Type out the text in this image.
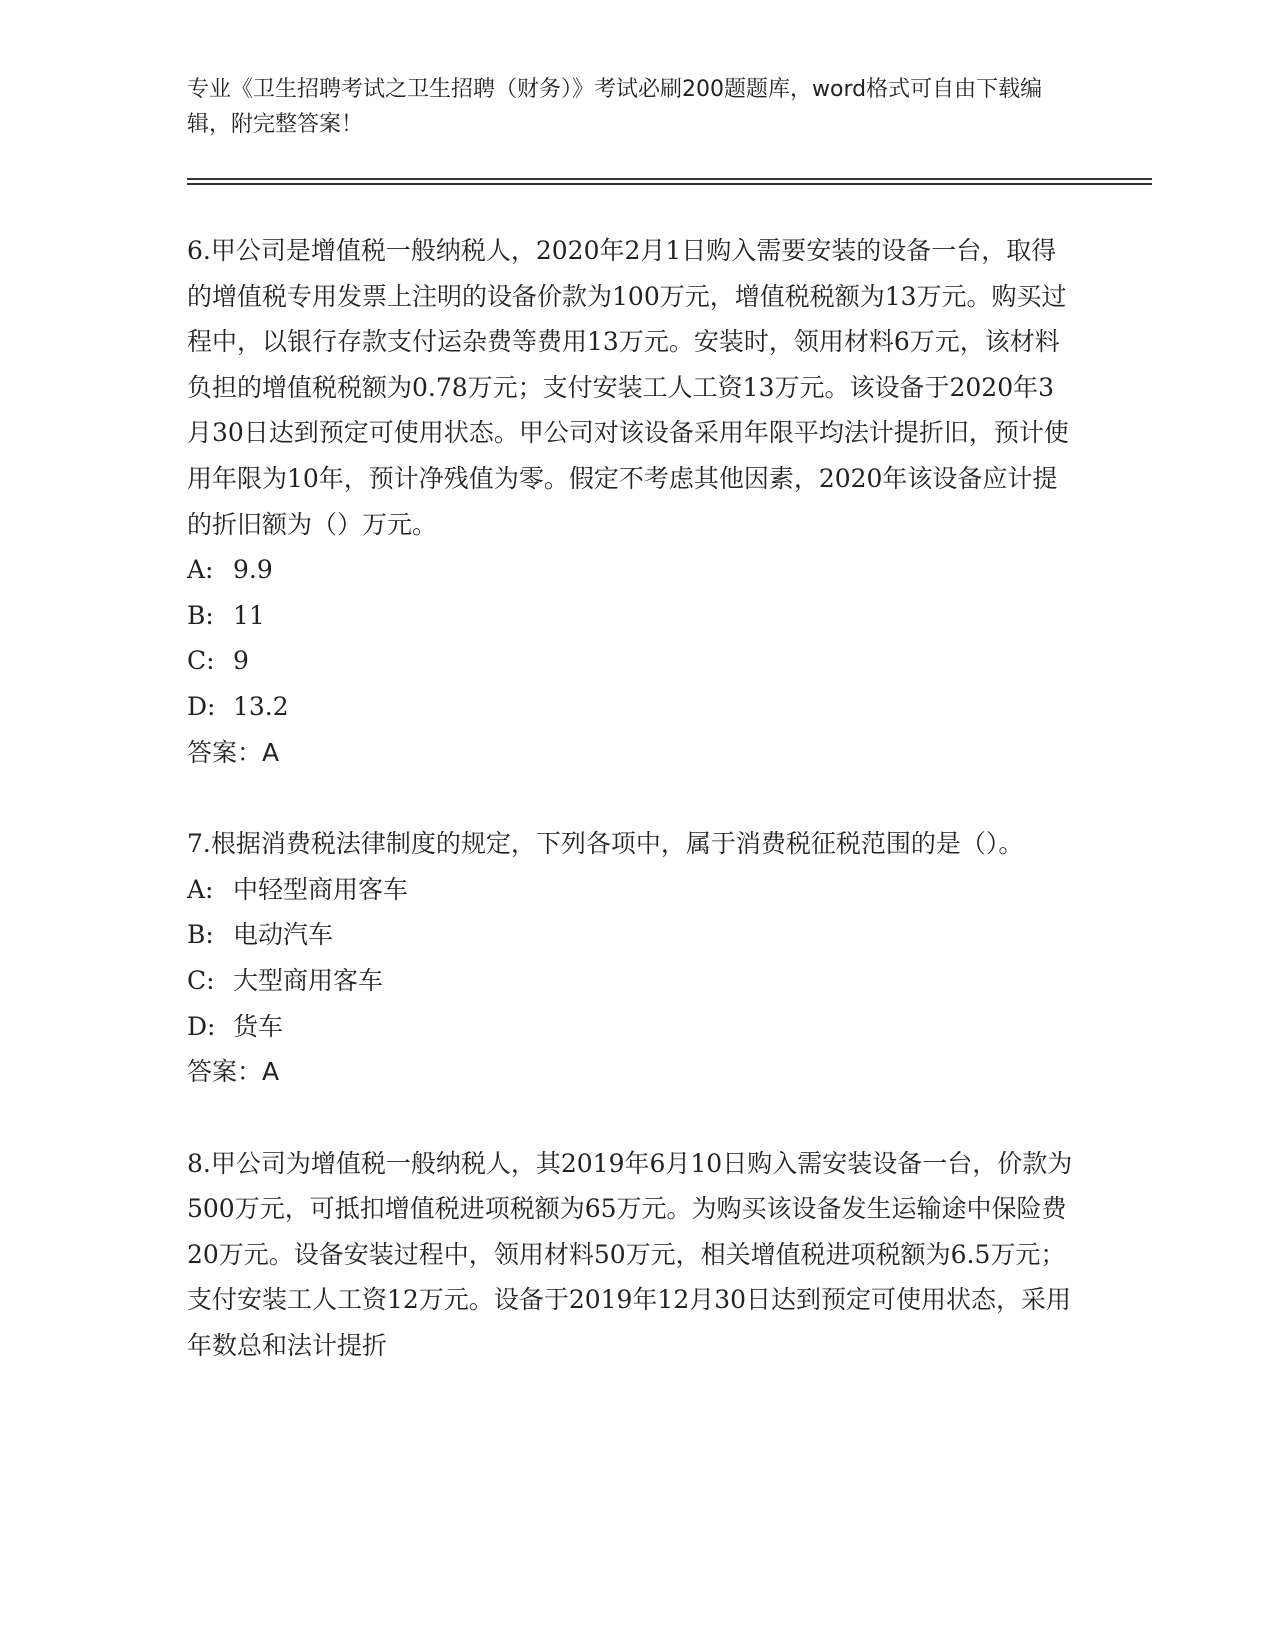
专业《卫生招聘考试之卫生招聘（财务）》考试必刷200题题库，word格式可自由下载编辑，附完整答案！

6.甲公司是增值税一般纳税人，2020年2月1日购入需要安装的设备一台，取得的增值税专用发票上注明的设备价款为100万元，增值税税额为13万元。购买过程中，以银行存款支付运杂费等费用13万元。安装时，领用材料6万元，该材料负担的增值税税额为0.78万元；支付安装工人工资13万元。该设备于2020年3月30日达到预定可使用状态。甲公司对该设备采用年限平均法计提折旧，预计使用年限为10年，预计净残值为零。假定不考虑其他因素，2020年该设备应计提的折旧额为（）万元。

A: 9.9
B: 11
C: 9
D: 13.2

答案：A

7.根据消费税法律制度的规定，下列各项中，属于消费税征税范围的是（）。

A: 中轻型商用客车
B: 电动汽车
C: 大型商用客车
D: 货车

答案：A

8.甲公司为增值税一般纳税人，其2019年6月10日购入需安装设备一台，价款为500万元，可抵扣增值税进项税额为65万元。为购买该设备发生运输途中保险费20万元。设备安装过程中，领用材料50万元，相关增值税进项税额为6.5万元；支付安装工人工资12万元。设备于2019年12月30日达到预定可使用状态，采用年数总和法计提折
